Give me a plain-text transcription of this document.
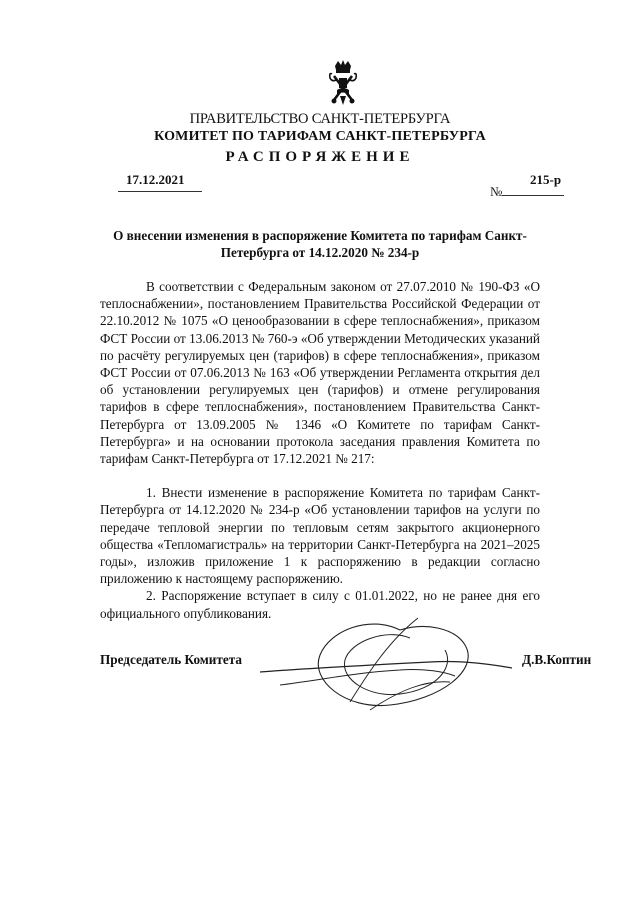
ПРАВИТЕЛЬСТВО САНКТ-ПЕТЕРБУРГА
КОМИТЕТ ПО ТАРИФАМ САНКТ-ПЕТЕРБУРГА
РАСПОРЯЖЕНИЕ
17.12.2021
№
215-р
О внесении изменения в распоряжение Комитета по тарифам Санкт-Петербурга от 14.12.2020 № 234-р

В соответствии с Федеральным законом от 27.07.2010 № 190-ФЗ «О теплоснабжении», постановлением Правительства Российской Федерации от 22.10.2012 № 1075 «О ценообразовании в сфере теплоснабжения», приказом ФСТ России от 13.06.2013 № 760-э «Об утверждении Методических указаний по расчёту регулируемых цен (тарифов) в сфере теплоснабжения», приказом ФСТ России от 07.06.2013 № 163 «Об утверждении Регламента открытия дел об установлении регулируемых цен (тарифов) и отмене регулирования тарифов в сфере теплоснабжения», постановлением Правительства Санкт-Петербурга от 13.09.2005 № 1346 «О Комитете по тарифам Санкт-Петербурга» и на основании протокола заседания правления Комитета по тарифам Санкт-Петербурга от 17.12.2021 № 217:

1. Внести изменение в распоряжение Комитета по тарифам Санкт-Петербурга от 14.12.2020 № 234-р «Об установлении тарифов на услуги по передаче тепловой энергии по тепловым сетям закрытого акционерного общества «Тепломагистраль» на территории Санкт-Петербурга на 2021–2025 годы», изложив приложение 1 к распоряжению в редакции согласно приложению к настоящему распоряжению.

2. Распоряжение вступает в силу с 01.01.2022, но не ранее дня его официального опубликования.

Председатель Комитета	Д.В.Коптин
